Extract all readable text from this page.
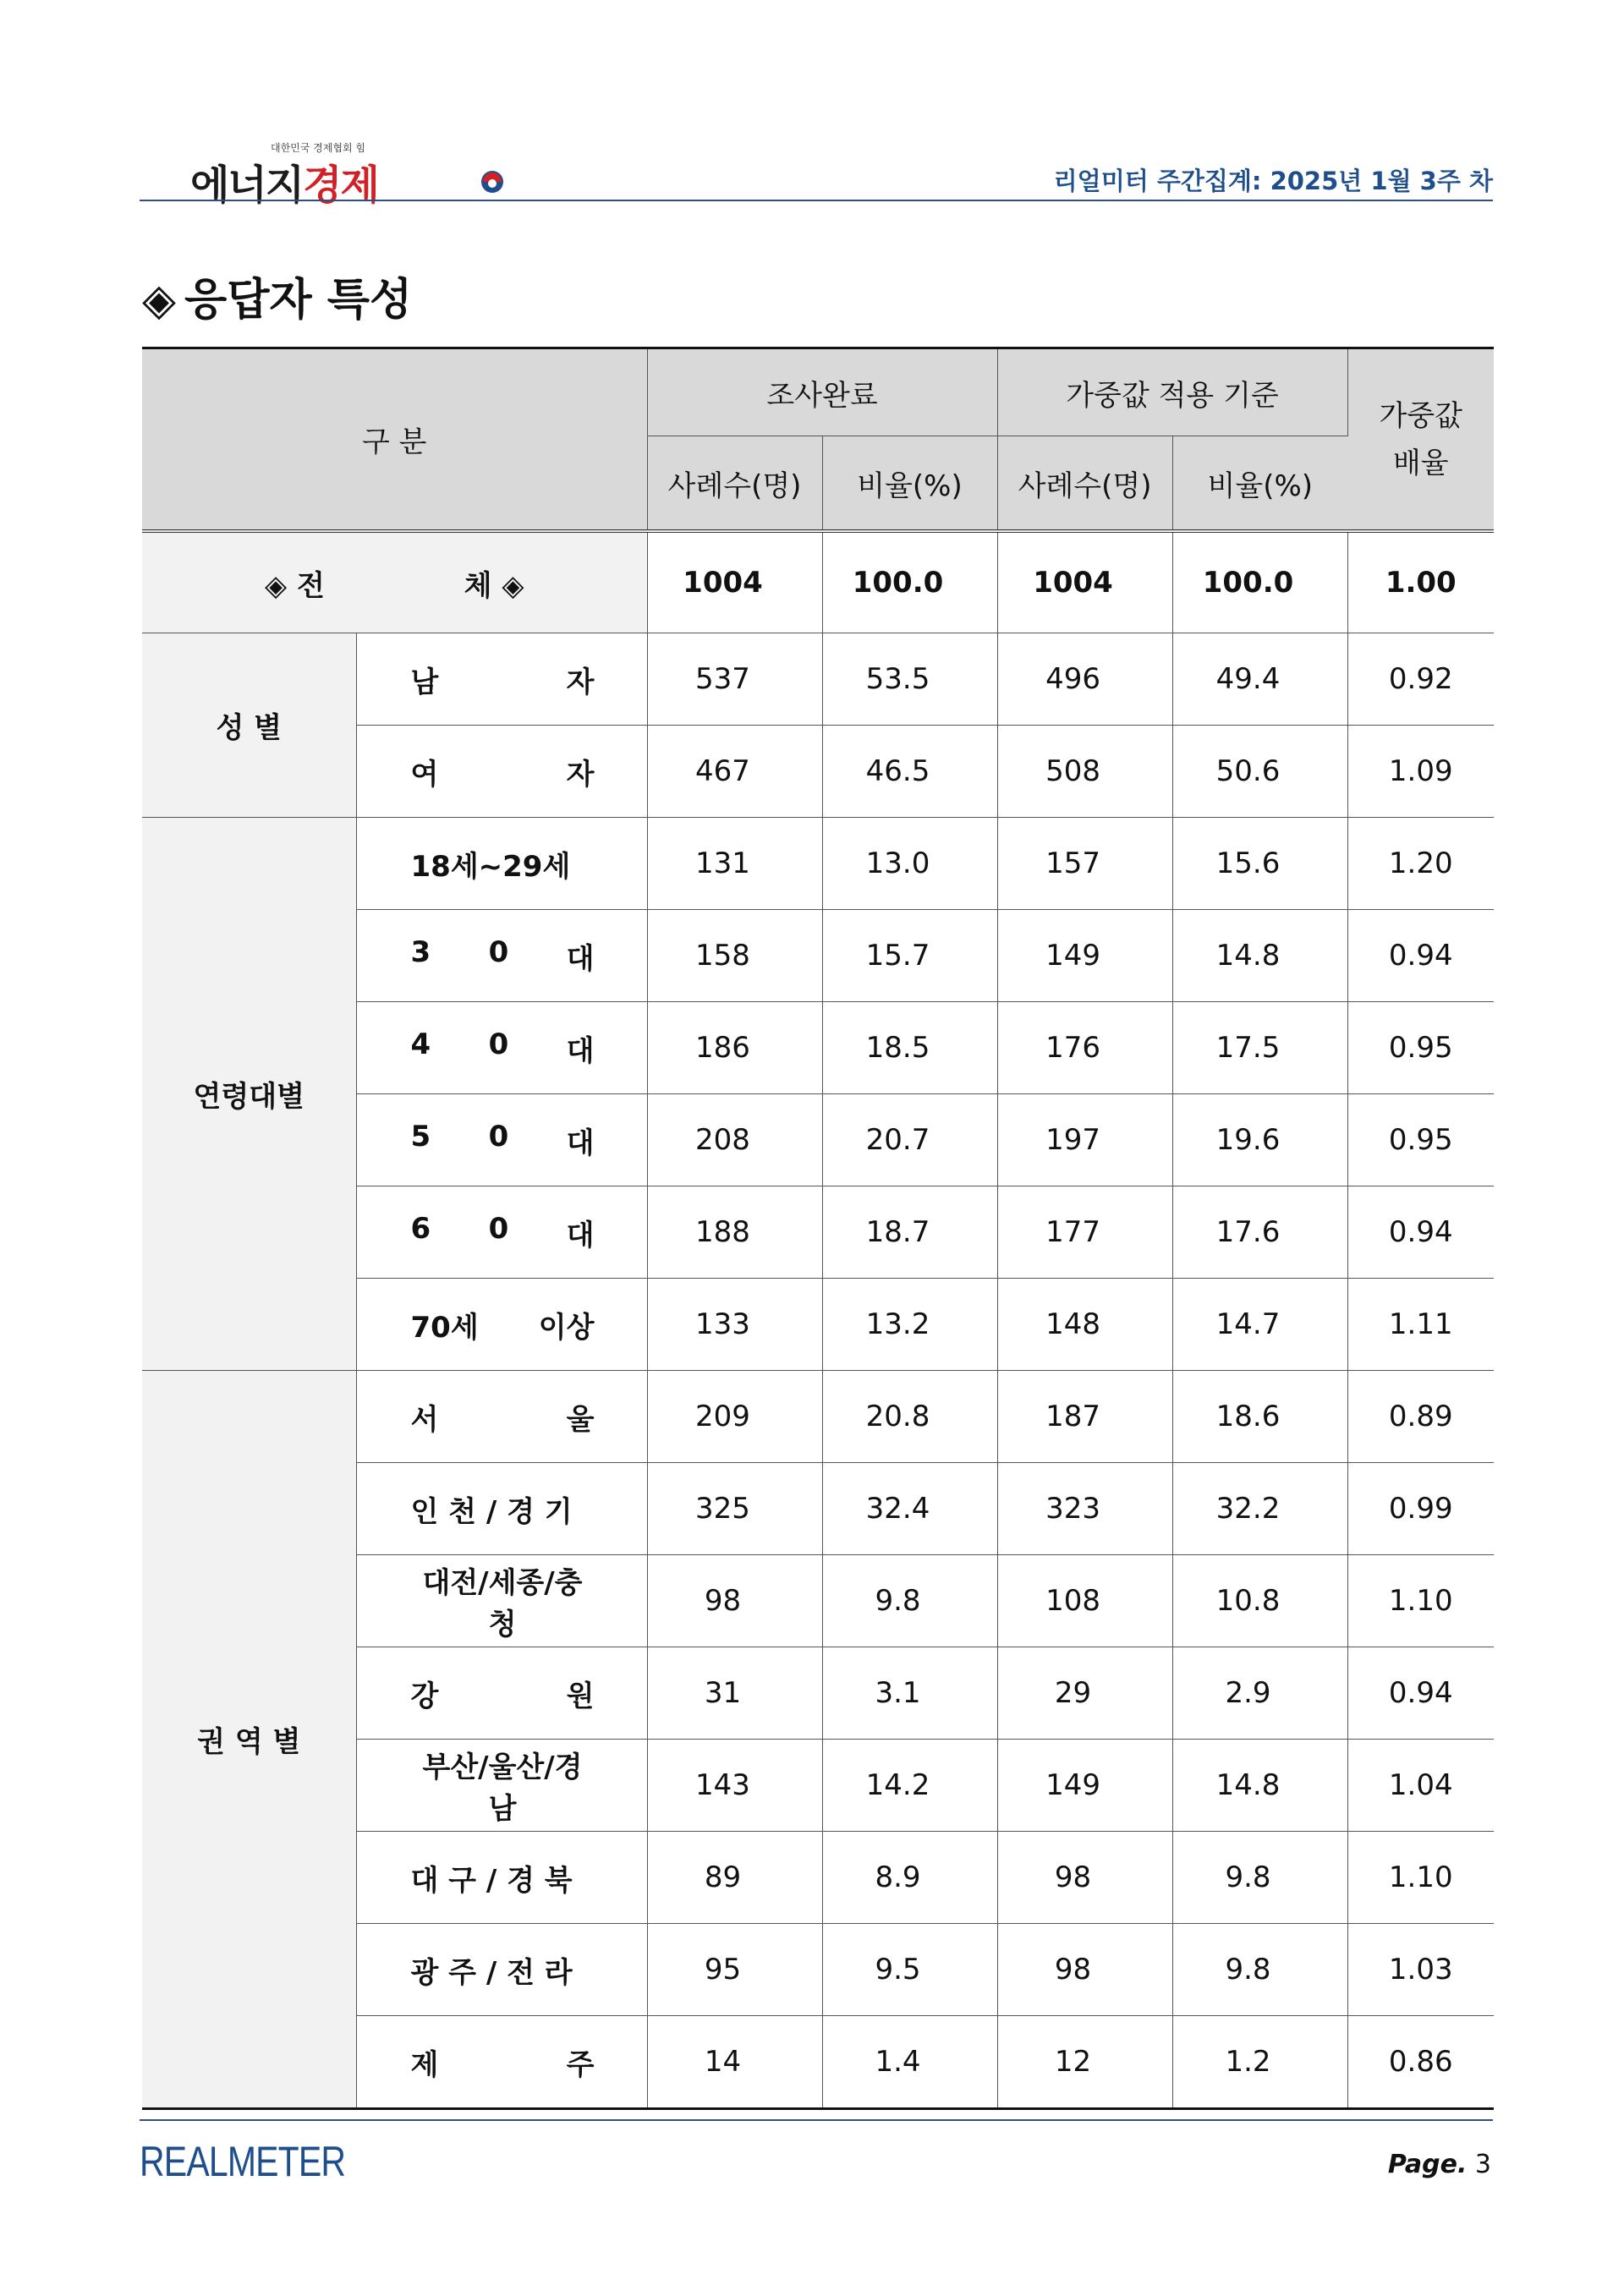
대한민국 경제협회 힘
에너지경제	리얼미터 주간집계: 2025년 1월 3주 차
◈ 응답자 특성
구 분		조사완료		가중값 적용 기준		가중값 배율
		사례수(명)	비율(%)	사례수(명)	비율(%)	

◈ 전 체 ◈		1004	100.0	1004	100.0	1.00
성 별	남 자	537	53.5	496	49.4	0.92

	여 자	467	46.5	508	50.6	1.09
연령대별	18세~29세	131	13.0	157	15.6	1.20

	3 0 대	158	15.7	149	14.8	0.94

	4 0 대	186	18.5	176	17.5	0.95

	5 0 대	208	20.7	197	19.6	0.95

	6 0 대	188	18.7	177	17.6	0.94

	70세 이상	133	13.2	148	14.7	1.11
권 역 별	서 울	209	20.8	187	18.6	0.89

	인 천 / 경 기	325	32.4	323	32.2	0.99

	대전/세종/충청	98	9.8	108	10.8	1.10

	강 원	31	3.1	29	2.9	0.94

	부산/울산/경남	143	14.2	149	14.8	1.04

	대 구 / 경 북	89	8.9	98	9.8	1.10

	광 주 / 전 라	95	9.5	98	9.8	1.03

	제 주	14	1.4	12	1.2	0.86
REALMETER	Page. 3
